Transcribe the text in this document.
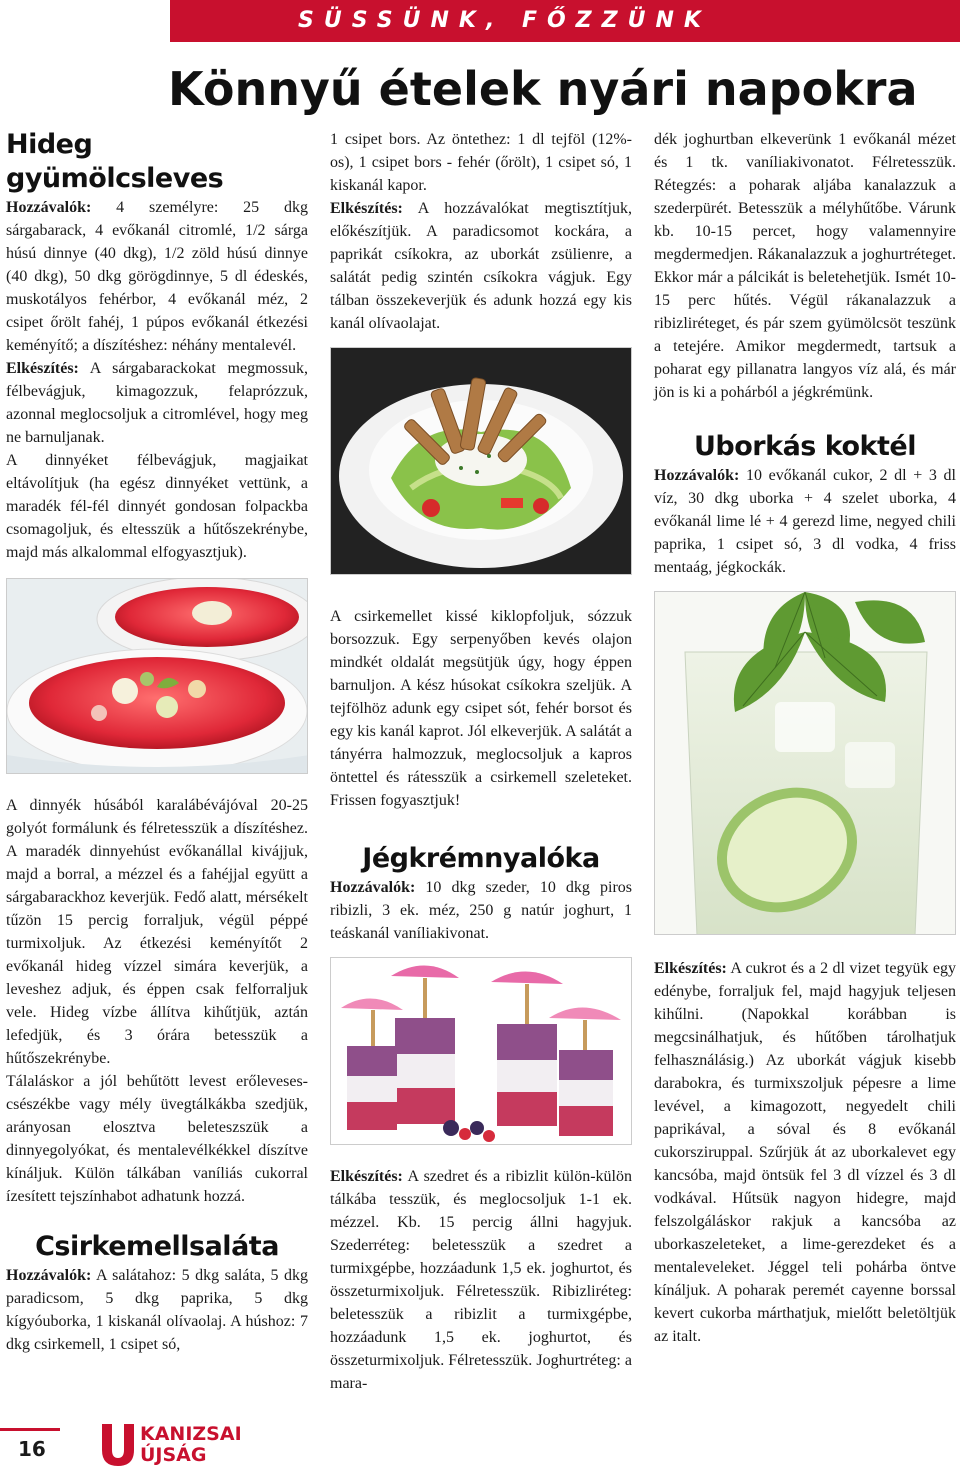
SÜSSÜNK, FŐZZÜNK
Könnyű ételek nyári napokra
Hideg gyümölcsleves

Hozzávalók: 4 személyre: 25 dkg sárgabarack, 4 evőkanál citromlé, 1/2 sárga húsú dinnye (40 dkg), 1/2 zöld húsú dinnye (40 dkg), 50 dkg görögdinnye, 5 dl édeskés, muskotályos fehérbor, 4 evőkanál méz, 2 csipet őrölt fahéj, 1 púpos evőkanál étkezési keményítő; a díszítéshez: néhány mentalevél.

Elkészítés: A sárgabarackokat megmossuk, félbevágjuk, kimagozzuk, felaprózzuk, azonnal meglocsoljuk a citromlével, hogy meg ne barnuljanak.

A dinnyéket félbevágjuk, magjaikat eltávolítjuk (ha egész dinnyéket vettünk, a maradék fél-fél dinnyét gondosan folpackba csomagoljuk, és eltesszük a hűtőszekrénybe, majd más alkalommal elfogyasztjuk).

A dinnyék húsából karalábévájóval 20-25 golyót formálunk és félretesszük a díszítéshez. A maradék dinnyehúst evőkanállal kivájjuk, majd a borral, a mézzel és a fahéjjal együtt a sárgabarackhoz keverjük. Fedő alatt, mérsékelt tűzön 15 percig forraljuk, végül péppé turmixoljuk. Az étkezési keményítőt 2 evőkanál hideg vízzel simára keverjük, a leveshez adjuk, és éppen csak felforraljuk vele. Hideg vízbe állítva kihűtjük, aztán lefedjük, és 3 órára betesszük a hűtőszekrénybe.

Tálaláskor a jól behűtött levest erőleveses-csészékbe vagy mély üvegtálkákba szedjük, arányosan elosztva beleteszszük a dinnyegolyókat, és mentalevélkékkel díszítve kínáljuk. Külön tálkában vaníliás cukorral ízesített tejszínhabot adhatunk hozzá.

Csirkemellsaláta

Hozzávalók: A salátahoz: 5 dkg saláta, 5 dkg paradicsom, 5 dkg paprika, 5 dkg kígyóuborka, 1 kiskanál olívaolaj. A húshoz: 7 dkg csirkemell, 1 csipet só,

1 csipet bors. Az öntethez: 1 dl tejföl (12%-os), 1 csipet bors - fehér (őrölt), 1 csipet só, 1 kiskanál kapor.

Elkészítés: A hozzávalókat megtisztítjuk, előkészítjük. A paradicsomot kockára, a paprikát csíkokra, az uborkát zsülienre, a salátát pedig szintén csíkokra vágjuk. Egy tálban összekeverjük és adunk hozzá egy kis kanál olívaolajat.

A csirkemellet kissé kiklopfoljuk, sózzuk borsozzuk. Egy serpenyőben kevés olajon mindkét oldalát megsütjük úgy, hogy éppen barnuljon. A kész húsokat csíkokra szeljük. A tejfölhöz adunk egy csipet sót, fehér borsot és egy kis kanál kaprot. Jól elkeverjük. A salátát a tányérra halmozzuk, meglocsoljuk a kapros öntettel és rátesszük a csirkemell szeleteket. Frissen fogyasztjuk!

Jégkrémnyalóka

Hozzávalók: 10 dkg szeder, 10 dkg piros ribizli, 3 ek. méz, 250 g natúr joghurt, 1 teáskanál vaníliakivonat.

Elkészítés: A szedret és a ribizlit külön-külön tálkába tesszük, és meglocsoljuk 1-1 ek. mézzel. Kb. 15 percig állni hagyjuk. Szederréteg: beletesszük a szedret a turmixgépbe, hozzáadunk 1,5 ek. joghurtot, és összeturmixoljuk. Félretesszük. Ribizliréteg: beletesszük a ribizlit a turmixgépbe, hozzáadunk 1,5 ek. joghurtot, és összeturmixoljuk. Félretesszük. Joghurtréteg: a mara-

dék joghurtban elkeverünk 1 evőkanál mézet és 1 tk. vaníliakivonatot. Félretesszük. Rétegzés: a poharak aljába kanalazzuk a szederpürét. Betesszük a mélyhűtőbe. Várunk kb. 10-15 percet, hogy valamennyire megdermedjen. Rákanalazzuk a joghurtréteget. Ekkor már a pálcikát is beletehetjük. Ismét 10-15 perc hűtés. Végül rákanalazzuk a ribizliréteget, és pár szem gyümölcsöt teszünk a tetejére. Amikor megdermedt, tartsuk a poharat egy pillanatra langyos víz alá, és már jön is ki a pohárból a jégkrémünk.

Uborkás koktél

Hozzávalók: 10 evőkanál cukor, 2 dl + 3 dl víz, 30 dkg uborka + 4 szelet uborka, 4 evőkanál lime lé + 4 gerezd lime, negyed chili paprika, 1 csipet só, 3 dl vodka, 4 friss mentaág, jégkockák.

Elkészítés: A cukrot és a 2 dl vizet tegyük egy edénybe, forraljuk fel, majd hagyjuk teljesen kihűlni. (Napokkal korábban is megcsinálhatjuk, és hűtőben tárolhatjuk felhasználásig.) Az uborkát vágjuk kisebb darabokra, és turmixszoljuk pépesre a lime levével, a kimagozott, negyedelt chili paprikával, a sóval és 8 evőkanál cukorsziruppal. Szűrjük át az uborkalevet egy kancsóba, majd öntsük fel 3 dl vízzel és 3 dl vodkával. Hűtsük nagyon hidegre, majd felszolgáláskor rakjuk a kancsóba az uborkaszeleteket, a lime-gerezdeket és a mentaleveleket. Jéggel teli pohárba öntve kínáljuk. A poharak peremét cayenne borssal kevert cukorba márthatjuk, mielőtt beletöltjük az italt.

16
KANIZSAI
ÚJSÁG
